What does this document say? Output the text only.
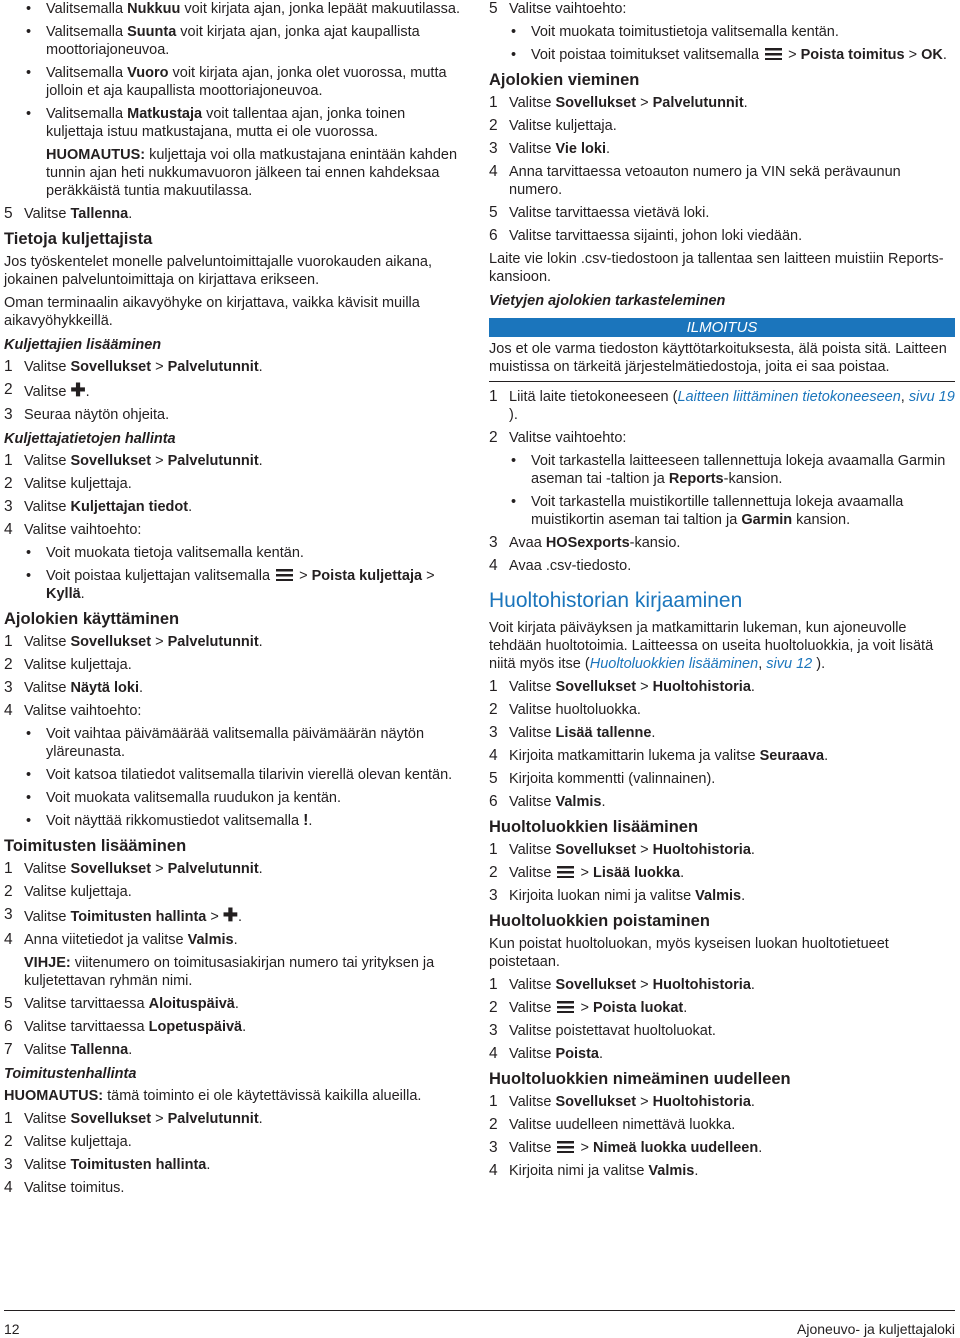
• Valitsemalla Nukkuu voit kirjata ajan, jonka lepäät makuutilassa.
• Valitsemalla Suunta voit kirjata ajan, jonka ajat kaupallista moottoriajoneuvoa.
• Valitsemalla Vuoro voit kirjata ajan, jonka olet vuorossa, mutta jolloin et aja kaupallista moottoriajoneuvoa.
• Valitsemalla Matkustaja voit tallentaa ajan, jonka toinen kuljettaja istuu matkustajana, mutta ei ole vuorossa.

HUOMAUTUS: kuljettaja voi olla matkustajana enintään kahden tunnin ajan heti nukkumavuoron jälkeen tai ennen kahdeksaa peräkkäistä tuntia makuutilassa.

5 Valitse Tallenna.
Tietoja kuljettajista

Jos työskentelet monelle palveluntoimittajalle vuorokauden aikana, jokainen palveluntoimittaja on kirjattava erikseen.

Oman terminaalin aikavyöhyke on kirjattava, vaikka kävisit muilla aikavyöhykkeillä.

Kuljettajien lisääminen
1 Valitse Sovellukset > Palvelutunnit.
2 Valitse ✚.
3 Seuraa näytön ohjeita.
Kuljettajatietojen hallinta
1 Valitse Sovellukset > Palvelutunnit.
2 Valitse kuljettaja.
3 Valitse Kuljettajan tiedot.
4 Valitse vaihtoehto:
• Voit muokata tietoja valitsemalla kentän.
• Voit poistaa kuljettajan valitsemalla  > Poista kuljettaja > Kyllä.
Ajolokien käyttäminen
1 Valitse Sovellukset > Palvelutunnit.
2 Valitse kuljettaja.
3 Valitse Näytä loki.
4 Valitse vaihtoehto:
• Voit vaihtaa päivämäärää valitsemalla päivämäärän näytön yläreunasta.
• Voit katsoa tilatiedot valitsemalla tilarivin vierellä olevan kentän.
• Voit muokata valitsemalla ruudukon ja kentän.
• Voit näyttää rikkomustiedot valitsemalla !.
Toimitusten lisääminen
1 Valitse Sovellukset > Palvelutunnit.
2 Valitse kuljettaja.
3 Valitse Toimitusten hallinta > ✚.
4 Anna viitetiedot ja valitse Valmis.

VIHJE: viitenumero on toimitusasiakirjan numero tai yrityksen ja kuljetettavan ryhmän nimi.

5 Valitse tarvittaessa Aloituspäivä.
6 Valitse tarvittaessa Lopetuspäivä.
7 Valitse Tallenna.
Toimitustenhallinta

HUOMAUTUS: tämä toiminto ei ole käytettävissä kaikilla alueilla.

1 Valitse Sovellukset > Palvelutunnit.
2 Valitse kuljettaja.
3 Valitse Toimitusten hallinta.
4 Valitse toimitus.
5 Valitse vaihtoehto:
• Voit muokata toimitustietoja valitsemalla kentän.
• Voit poistaa toimitukset valitsemalla  > Poista toimitus > OK.
Ajolokien vieminen
1 Valitse Sovellukset > Palvelutunnit.
2 Valitse kuljettaja.
3 Valitse Vie loki.
4 Anna tarvittaessa vetoauton numero ja VIN sekä perävaunun numero.
5 Valitse tarvittaessa vietävä loki.
6 Valitse tarvittaessa sijainti, johon loki viedään.

Laite vie lokin .csv-tiedostoon ja tallentaa sen laitteen muistiin Reports-kansioon.

Vietyjen ajolokien tarkasteleminen
ILMOITUS

Jos et ole varma tiedoston käyttötarkoituksesta, älä poista sitä. Laitteen muistissa on tärkeitä järjestelmätiedostoja, joita ei saa poistaa.

1 Liitä laite tietokoneeseen (Laitteen liittäminen tietokoneeseen, sivu 19 ).
2 Valitse vaihtoehto:
• Voit tarkastella laitteeseen tallennettuja lokeja avaamalla Garmin aseman tai -taltion ja Reports-kansion.
• Voit tarkastella muistikortille tallennettuja lokeja avaamalla muistikortin aseman tai taltion ja Garmin kansion.
3 Avaa HOSexports-kansio.
4 Avaa .csv-tiedosto.
Huoltohistorian kirjaaminen

Voit kirjata päiväyksen ja matkamittarin lukeman, kun ajoneuvolle tehdään huoltotoimia. Laitteessa on useita huoltoluokkia, ja voit lisätä niitä myös itse (Huoltoluokkien lisääminen, sivu 12 ).

1 Valitse Sovellukset > Huoltohistoria.
2 Valitse huoltoluokka.
3 Valitse Lisää tallenne.
4 Kirjoita matkamittarin lukema ja valitse Seuraava.
5 Kirjoita kommentti (valinnainen).
6 Valitse Valmis.
Huoltoluokkien lisääminen
1 Valitse Sovellukset > Huoltohistoria.
2 Valitse  > Lisää luokka.
3 Kirjoita luokan nimi ja valitse Valmis.
Huoltoluokkien poistaminen

Kun poistat huoltoluokan, myös kyseisen luokan huoltotietueet poistetaan.

1 Valitse Sovellukset > Huoltohistoria.
2 Valitse  > Poista luokat.
3 Valitse poistettavat huoltoluokat.
4 Valitse Poista.
Huoltoluokkien nimeäminen uudelleen
1 Valitse Sovellukset > Huoltohistoria.
2 Valitse uudelleen nimettävä luokka.
3 Valitse  > Nimeä luokka uudelleen.
4 Kirjoita nimi ja valitse Valmis.
12	Ajoneuvo- ja kuljettajaloki
